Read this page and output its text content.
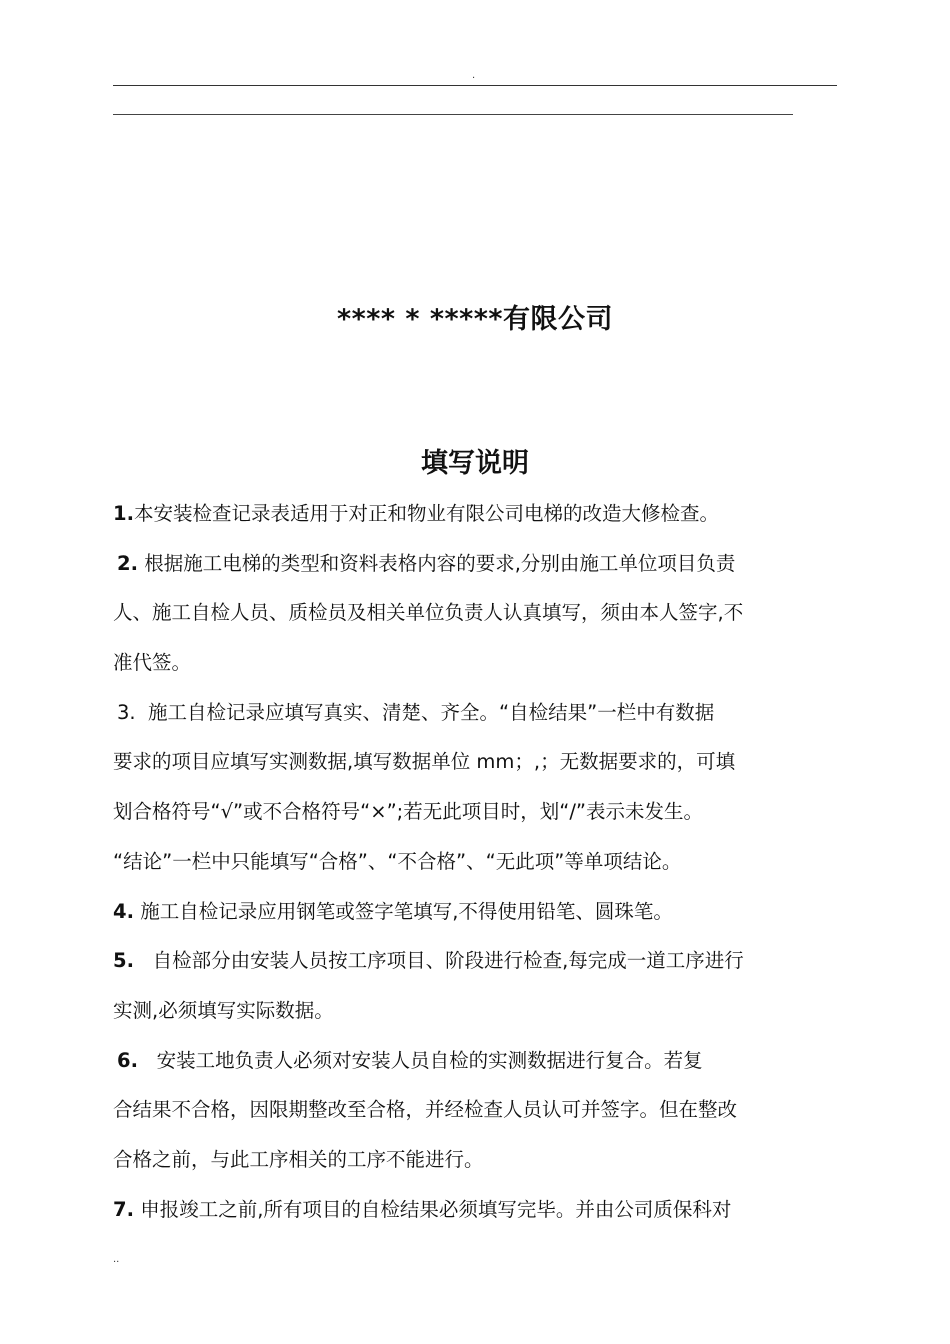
.
**** * *****有限公司
填写说明
1.本安装检查记录表适用于对正和物业有限公司电梯的改造大修检查。
2. 根据施工电梯的类型和资料表格内容的要求,分别由施工单位项目负责
人、施工自检人员、质检员及相关单位负责人认真填写，须由本人签字,不
准代签。
3. 施工自检记录应填写真实、清楚、齐全。“自检结果”一栏中有数据
要求的项目应填写实测数据,填写数据单位 mm；,；无数据要求的，可填
划合格符号“√”或不合格符号“×”;若无此项目时，划“/”表示未发生。
“结论”一栏中只能填写“合格”、“不合格”、“无此项”等单项结论。
4. 施工自检记录应用钢笔或签字笔填写,不得使用铅笔、圆珠笔。
5. 自检部分由安装人员按工序项目、阶段进行检查,每完成一道工序进行
实测,必须填写实际数据。
6. 安装工地负责人必须对安装人员自检的实测数据进行复合。若复
合结果不合格，因限期整改至合格，并经检查人员认可并签字。但在整改
合格之前，与此工序相关的工序不能进行。
7. 申报竣工之前,所有项目的自检结果必须填写完毕。并由公司质保科对
..
